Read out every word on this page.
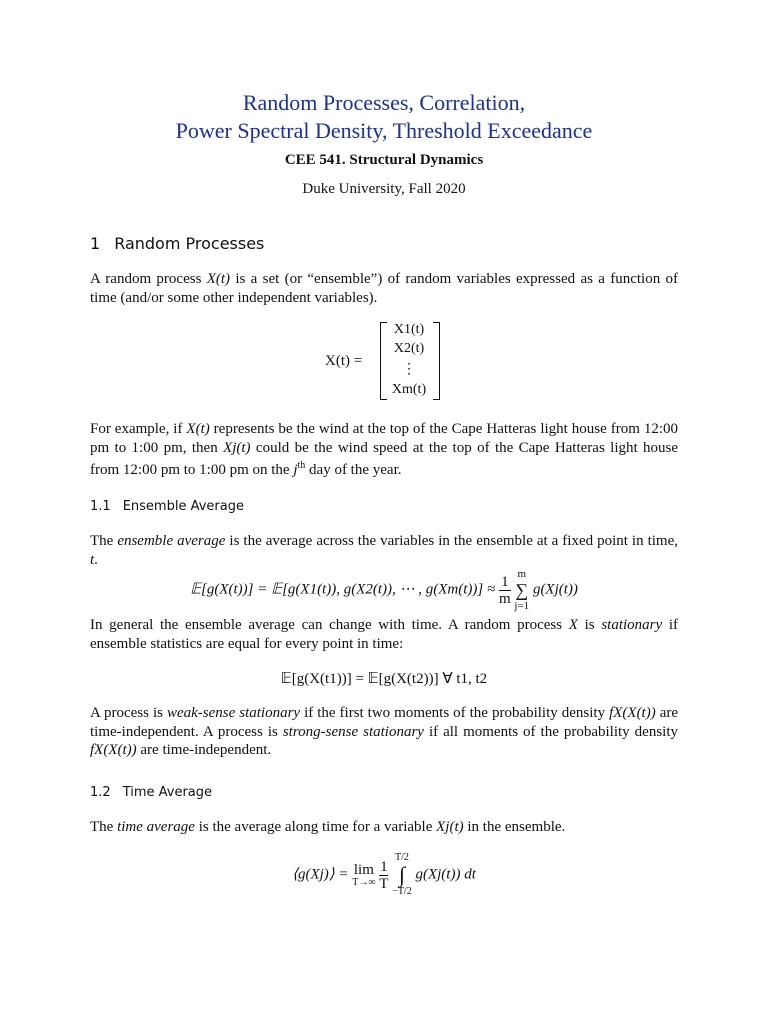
Random Processes, Correlation,
Power Spectral Density, Threshold Exceedance
CEE 541. Structural Dynamics
Duke University, Fall 2020
1 Random Processes
A random process X(t) is a set (or “ensemble”) of random variables expressed as a function of time (and/or some other independent variables).
X(t) =
X1(t)
X2(t)
⋮
Xm(t)
For example, if X(t) represents be the wind at the top of the Cape Hatteras light house from 12:00 pm to 1:00 pm, then Xj(t) could be the wind speed at the top of the Cape Hatteras light house from 12:00 pm to 1:00 pm on the $j^{th}$ day of the year.
1.1 Ensemble Average
The ensemble average is the average across the variables in the ensemble at a fixed point in time, t.
𝔼[g(X(t))] = 𝔼[g(X1(t)), g(X2(t)), ⋯ , $g(Xm(t))] \approx \frac{1}{m}$
m
∑
j=1
g(Xj(t))
In general the ensemble average can change with time. A random process X is stationary if ensemble statistics are equal for every point in time:
𝔼[g(X(t1))] = 𝔼[g(X(t2))] ∀ t1, t2
A process is weak-sense stationary if the first two moments of the probability density fX(X(t)) are time-independent. A process is strong-sense stationary if all moments of the probability density fX(X(t)) are time-independent.
1.2 Time Average
The time average is the average along time for a variable Xj(t) in the ensemble.
⟨g(Xj)⟩ = lim
T→∞
$\frac{1}{T}$

T/2
∫
−T/2
g(Xj(t)) dt
